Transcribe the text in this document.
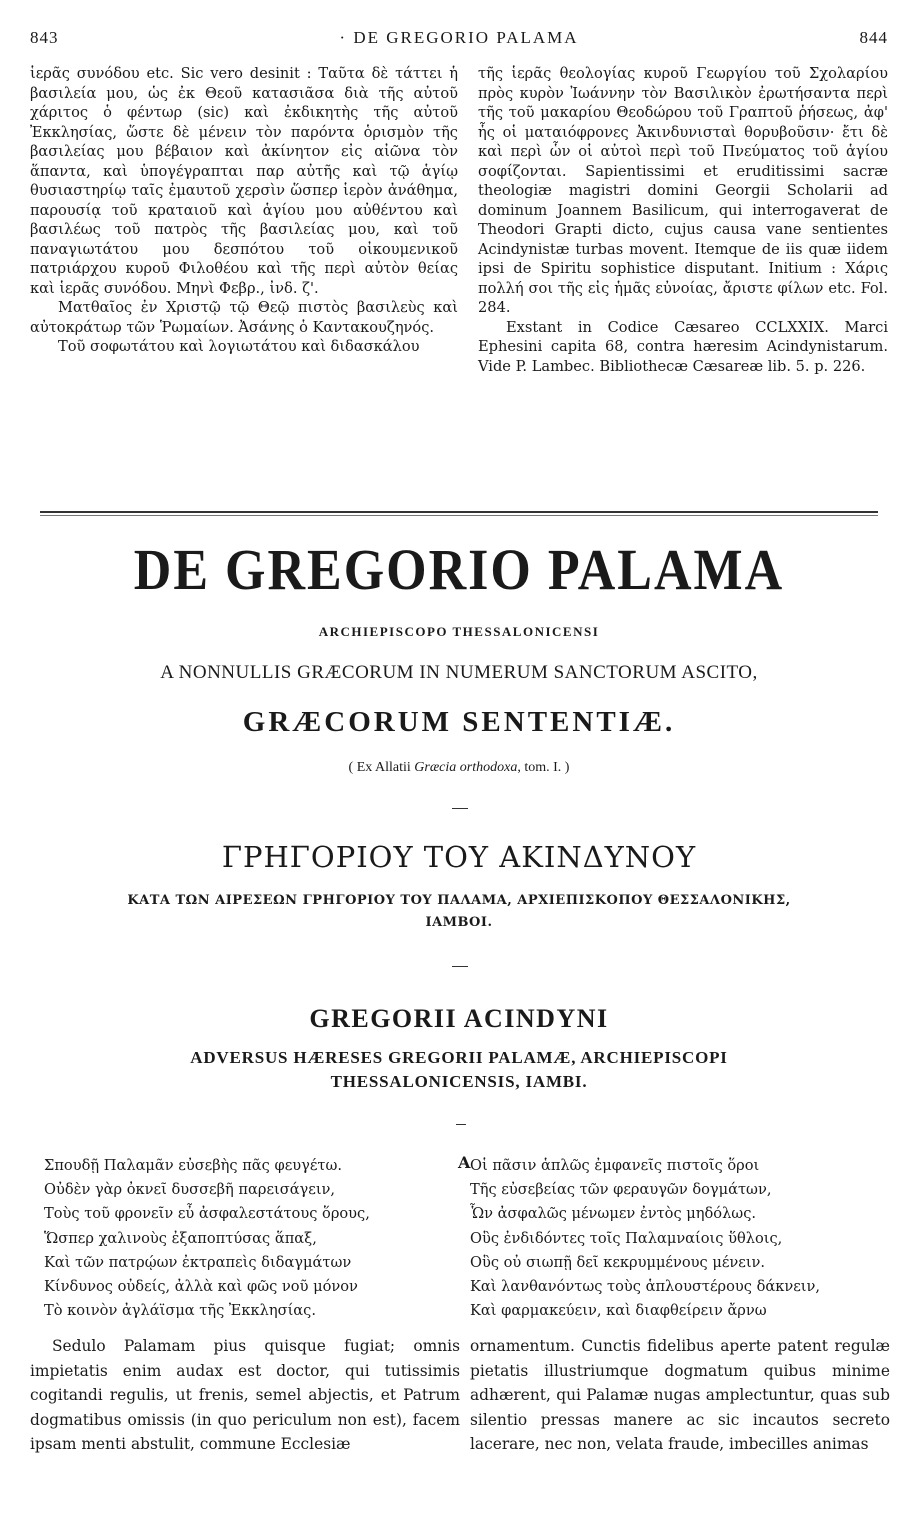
843	· DE GREGORIO PALAMA	844

ἱερᾶς συνόδου etc. Sic vero desinit : Ταῦτα δὲ τάττει ἡ βασιλεία μου, ὡς ἐκ Θεοῦ κατασιᾶσα διὰ τῆς αὐτοῦ χάριτος ὁ φέντωρ (sic) καὶ ἐκδικητὴς τῆς αὐτοῦ Ἐκκλησίας, ὥστε δὲ μένειν τὸν παρόντα ὁρισμὸν τῆς βασιλείας μου βέβαιον καὶ ἀκίνητον εἰς αἰῶνα τὸν ἅπαντα, καὶ ὑπογέγραπται παρ αὐτῆς καὶ τῷ ἁγίῳ θυσιαστηρίῳ ταῖς ἐμαυτοῦ χερσὶν ὥσπερ ἱερὸν ἀνάθημα, παρουσίᾳ τοῦ κραταιοῦ καὶ ἁγίου μου αὐθέντου καὶ βασιλέως τοῦ πατρὸς τῆς βασιλείας μου, καὶ τοῦ παναγιωτάτου μου δεσπότου τοῦ οἰκουμενικοῦ πατριάρχου κυροῦ Φιλοθέου καὶ τῆς περὶ αὐτὸν θείας καὶ ἱερᾶς συνόδου. Μηνὶ Φεβρ., ἰνδ. ζ'.

Ματθαῖος ἐν Χριστῷ τῷ Θεῷ πιστὸς βασιλεὺς καὶ αὐτοκράτωρ τῶν Ῥωμαίων. Ἀσάνης ὁ Καντακουζηνός.

Τοῦ σοφωτάτου καὶ λογιωτάτου καὶ διδασκάλου

τῆς ἱερᾶς θεολογίας κυροῦ Γεωργίου τοῦ Σχολαρίου πρὸς κυρὸν Ἰωάννην τὸν Βασιλικὸν ἐρωτήσαντα περὶ τῆς τοῦ μακαρίου Θεοδώρου τοῦ Γραπτοῦ ῥήσεως, ἀφ' ἧς οἱ ματαιόφρονες Ἀκινδυνισταὶ θορυβοῦσιν· ἔτι δὲ καὶ περὶ ὧν οἱ αὐτοὶ περὶ τοῦ Πνεύματος τοῦ ἁγίου σοφίζονται. Sapientissimi et eruditissimi sacræ theologiæ magistri domini Georgii Scholarii ad dominum Joannem Basilicum, qui interrogaverat de Theodori Grapti dicto, cujus causa vane sentientes Acindynistæ turbas movent. Itemque de iis quæ iidem ipsi de Spiritu sophistice disputant. Initium : Χάρις πολλή σοι τῆς εἰς ἡμᾶς εὐνοίας, ἄριστε φίλων etc. Fol. 284.

Exstant in Codice Cæsareo CCLXXIX. Marci Ephesini capita 68, contra hæresim Acindynistarum. Vide P. Lambec. Bibliothecæ Cæsareæ lib. 5. p. 226.

DE GREGORIO PALAMA
ARCHIEPISCOPO THESSALONICENSI
A NONNULLIS GRÆCORUM IN NUMERUM SANCTORUM ASCITO,
GRÆCORUM SENTENTIÆ.
( Ex Allatii Græcia orthodoxa, tom. I. )
ΓΡΗΓΟΡΙΟΥ ΤΟΥ ΑΚΙΝΔΥΝΟΥ
ΚΑΤΑ ΤΩΝ ΑΙΡΕΣΕΩΝ ΓΡΗΓΟΡΙΟΥ ΤΟΥ ΠΑΛΑΜΑ, ΑΡΧΙΕΠΙΣΚΟΠΟΥ ΘΕΣΣΑΛΟΝΙΚΗΣ,
ΙΑΜΒΟΙ.
GREGORII ACINDYNI
ADVERSUS HÆRESES GREGORII PALAMÆ, ARCHIEPISCOPI
THESSALONICENSIS, IAMBI.
Σπουδῇ Παλαμᾶν εὐσεβὴς πᾶς φευγέτω.
Οὐδὲν γὰρ ὀκνεῖ δυσσεβῆ παρεισάγειν,
Τοὺς τοῦ φρονεῖν εὖ ἀσφαλεστάτους ὅρους,
Ὥσπερ χαλινοὺς ἐξαποπτύσας ἅπαξ,
Καὶ τῶν πατρῴων ἐκτραπεὶς διδαγμάτων
Κίνδυνος οὐδείς, ἀλλὰ καὶ φῶς νοῦ μόνον
Τὸ κοινὸν ἀγλάϊσμα τῆς Ἐκκλησίας.
A Οἱ πᾶσιν ἁπλῶς ἐμφανεῖς πιστοῖς ὅροι
Τῆς εὐσεβείας τῶν φεραυγῶν δογμάτων,
Ὧν ἀσφαλῶς μένωμεν ἐντὸς μηδόλως.
Οὓς ἐνδιδόντες τοῖς Παλαμναίοις ὕθλοις,
Οὓς οὐ σιωπῇ δεῖ κεκρυμμένους μένειν.
Καὶ λανθανόντως τοὺς ἁπλουστέρους δάκνειν,
Καὶ φαρμακεύειν, καὶ διαφθείρειν ἄρνω

Sedulo Palamam pius quisque fugiat; omnis impietatis enim audax est doctor, qui tutissimis cogitandi regulis, ut frenis, semel abjectis, et Patrum dogmatibus omissis (in quo periculum non est), facem ipsam menti abstulit, commune Ecclesiæ

ornamentum. Cunctis fidelibus aperte patent regulæ pietatis illustriumque dogmatum quibus minime adhærent, qui Palamæ nugas amplectuntur, quas sub silentio pressas manere ac sic incautos secreto lacerare, nec non, velata fraude, imbecilles animas
